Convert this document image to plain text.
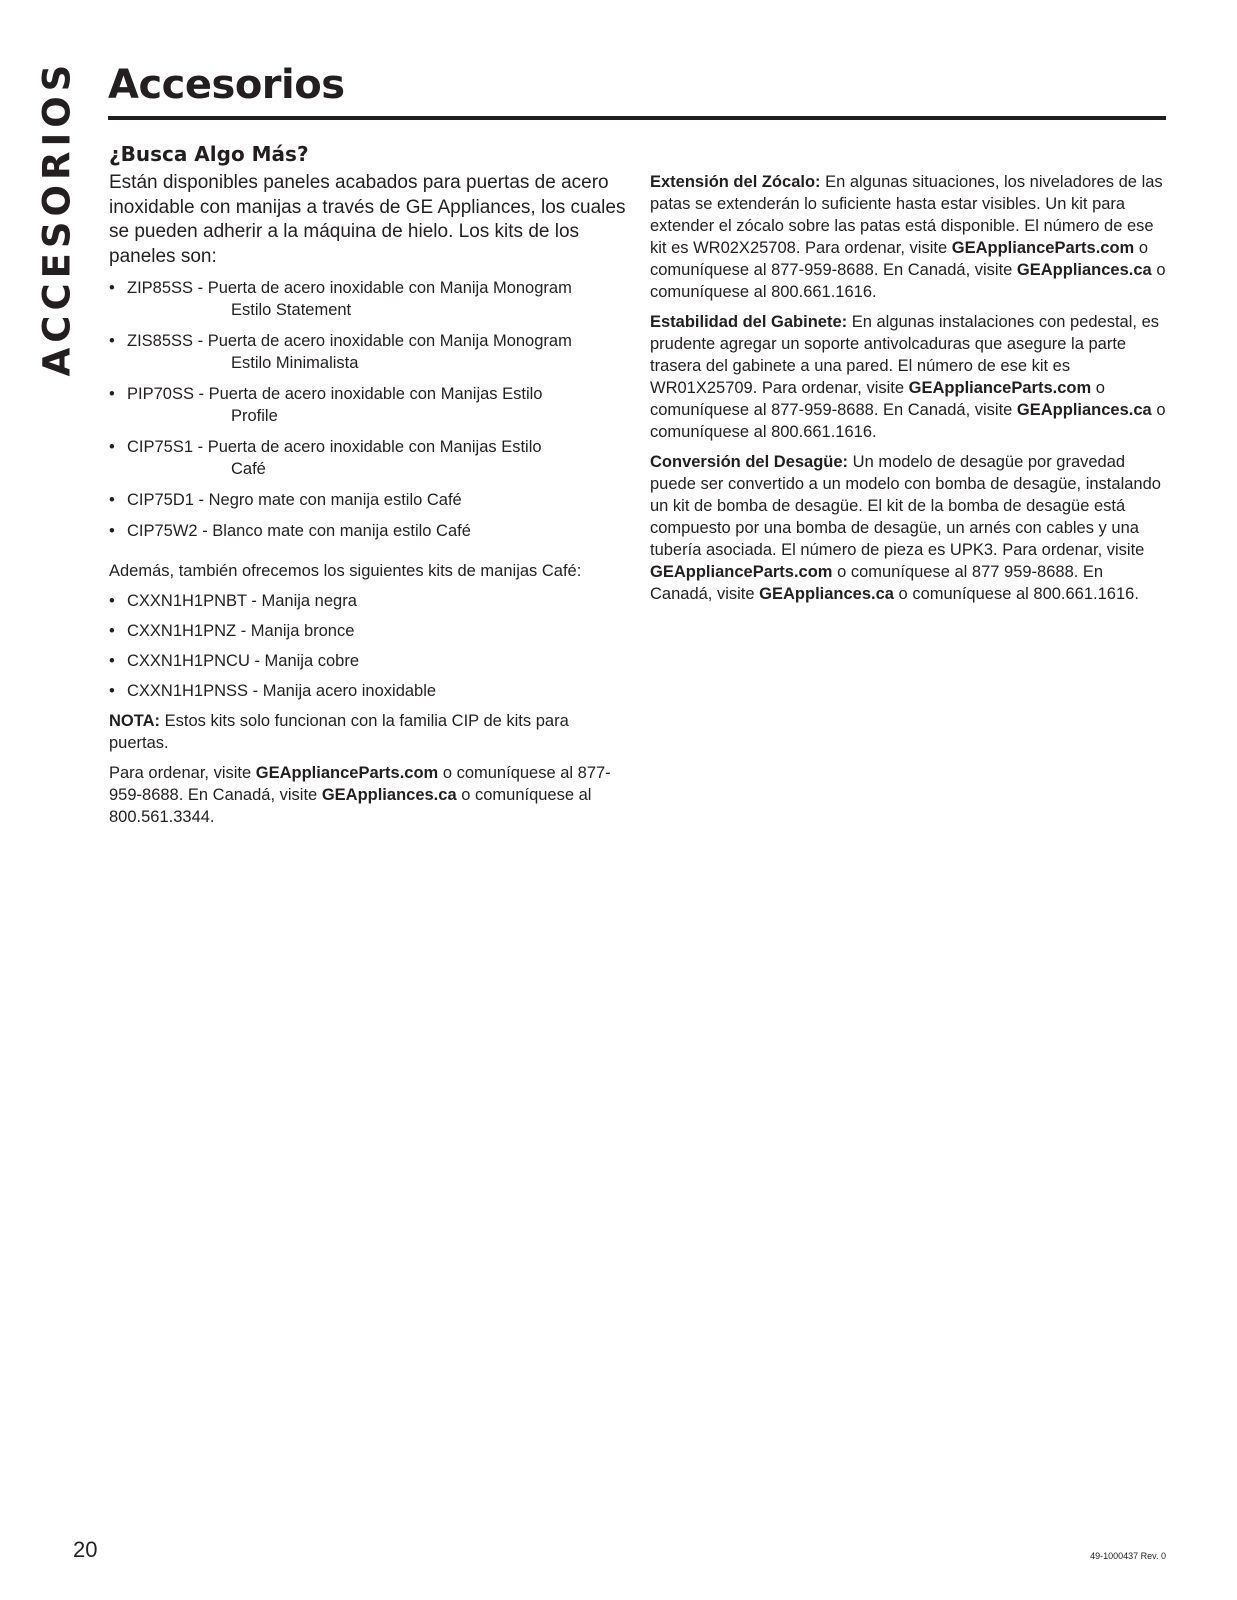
ACCESORIOS Accesorios
¿Busca Algo Más?

Están disponibles paneles acabados para puertas de acero inoxidable con manijas a través de GE Appliances, los cuales se pueden adherir a la máquina de hielo. Los kits de los paneles son:

• ZIP85SS - Puerta de acero inoxidable con Manija Monogram
Estilo Statement
• ZIS85SS - Puerta de acero inoxidable con Manija Monogram
Estilo Minimalista
• PIP70SS - Puerta de acero inoxidable con Manijas Estilo
Profile
• CIP75S1 - Puerta de acero inoxidable con Manijas Estilo
Café
• CIP75D1 - Negro mate con manija estilo Café
• CIP75W2 - Blanco mate con manija estilo Café

Además, también ofrecemos los siguientes kits de manijas Café:

• CXXN1H1PNBT - Manija negra
• CXXN1H1PNZ - Manija bronce
• CXXN1H1PNCU - Manija cobre
• CXXN1H1PNSS - Manija acero inoxidable

NOTA: Estos kits solo funcionan con la familia CIP de kits para puertas.

Para ordenar, visite GEApplianceParts.com o comuníquese al 877-959-8688. En Canadá, visite GEAppliances.ca o comuníquese al 800.561.3344.

Extensión del Zócalo: En algunas situaciones, los niveladores de las patas se extenderán lo suficiente hasta estar visibles. Un kit para extender el zócalo sobre las patas está disponible. El número de ese kit es WR02X25708. Para ordenar, visite GEApplianceParts.com o comuníquese al 877-959-8688. En Canadá, visite GEAppliances.ca o comuníquese al 800.661.1616.

Estabilidad del Gabinete: En algunas instalaciones con pedestal, es prudente agregar un soporte antivolcaduras que asegure la parte trasera del gabinete a una pared. El número de ese kit es WR01X25709. Para ordenar, visite GEApplianceParts.com o comuníquese al 877-959-8688. En Canadá, visite GEAppliances.ca o comuníquese al 800.661.1616.

Conversión del Desagüe: Un modelo de desagüe por gravedad puede ser convertido a un modelo con bomba de desagüe, instalando un kit de bomba de desagüe. El kit de la bomba de desagüe está compuesto por una bomba de desagüe, un arnés con cables y una tubería asociada. El número de pieza es UPK3. Para ordenar, visite GEApplianceParts.com o comuníquese al 877 959-8688. En Canadá, visite GEAppliances.ca o comuníquese al 800.661.1616.

20	49-1000437 Rev. 0
